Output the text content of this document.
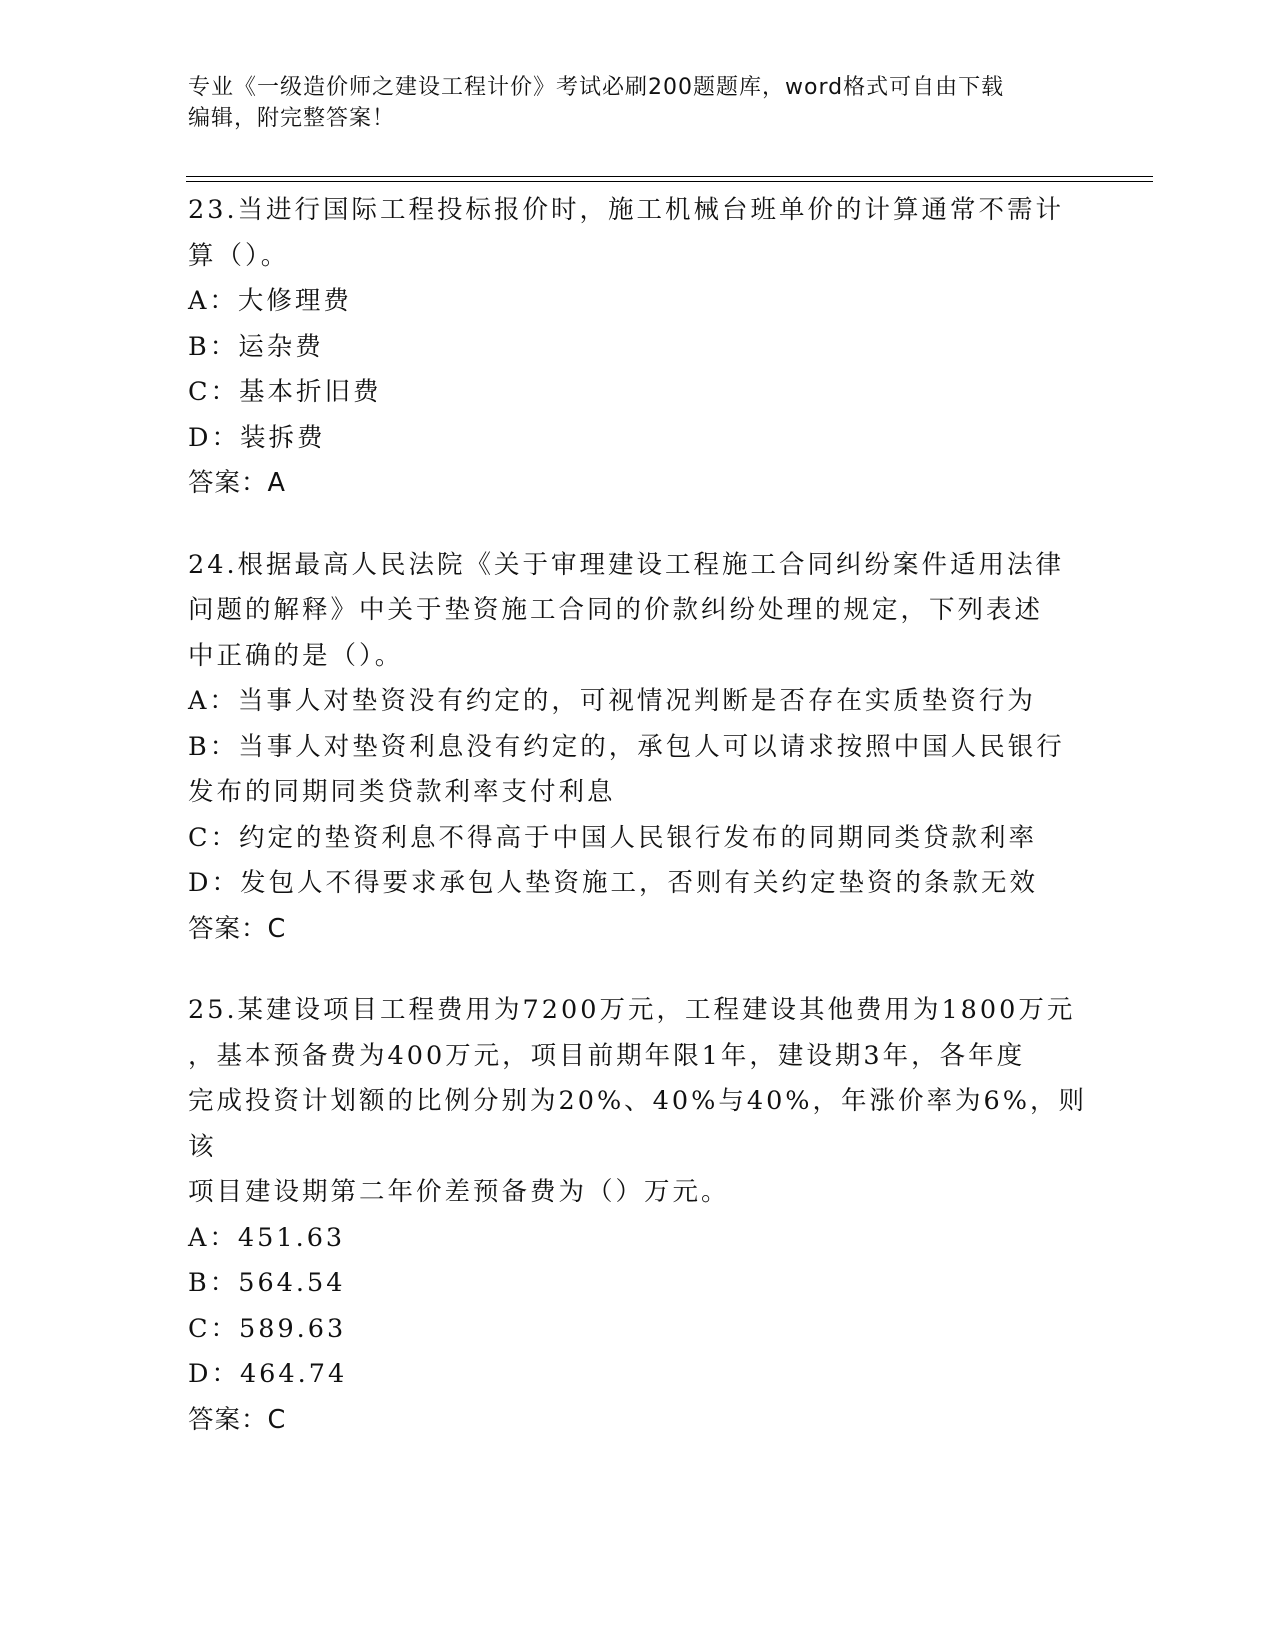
专业《一级造价师之建设工程计价》考试必刷200题题库，word格式可自由下载
编辑，附完整答案！
23.当进行国际工程投标报价时，施工机械台班单价的计算通常不需计
算（）。
A：大修理费
B：运杂费
C：基本折旧费
D：装拆费
答案：A
24.根据最高人民法院《关于审理建设工程施工合同纠纷案件适用法律
问题的解释》中关于垫资施工合同的价款纠纷处理的规定，下列表述
中正确的是（）。
A：当事人对垫资没有约定的，可视情况判断是否存在实质垫资行为
B：当事人对垫资利息没有约定的，承包人可以请求按照中国人民银行
发布的同期同类贷款利率支付利息
C：约定的垫资利息不得高于中国人民银行发布的同期同类贷款利率
D：发包人不得要求承包人垫资施工，否则有关约定垫资的条款无效
答案：C
25.某建设项目工程费用为7200万元，工程建设其他费用为1800万元
，基本预备费为400万元，项目前期年限1年，建设期3年，各年度
完成投资计划额的比例分别为20%、40%与40%，年涨价率为6%，则该
项目建设期第二年价差预备费为（）万元。
A：451.63
B：564.54
C：589.63
D：464.74
答案：C
